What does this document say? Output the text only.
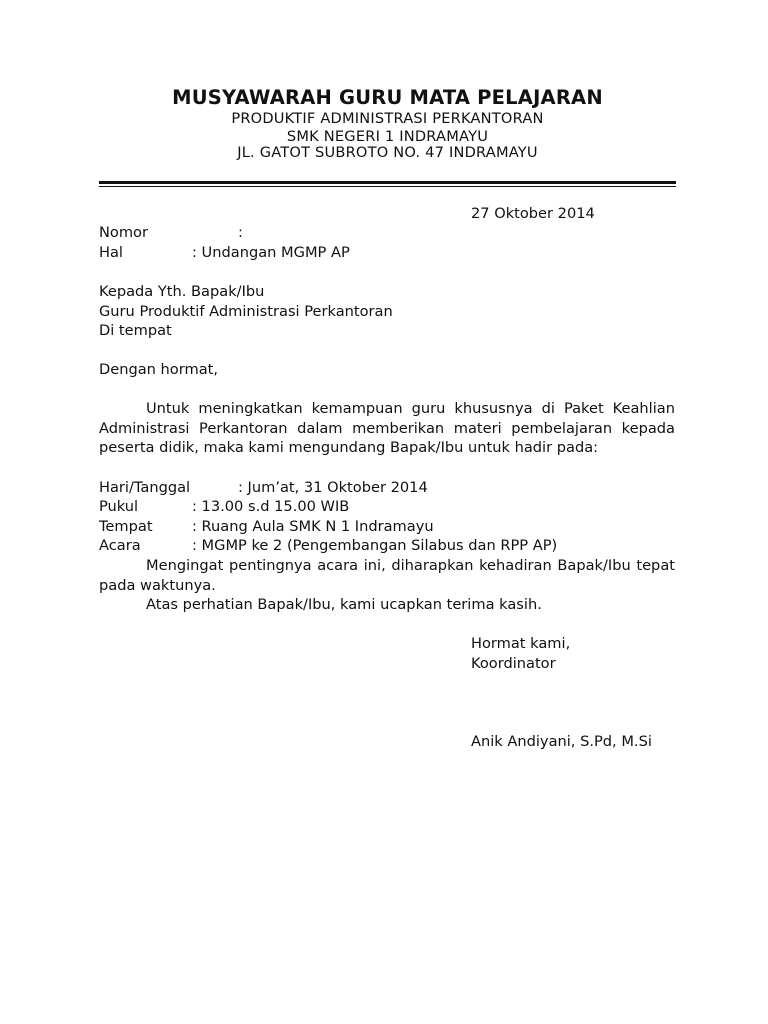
MUSYAWARAH GURU MATA PELAJARAN
PRODUKTIF ADMINISTRASI PERKANTORAN
SMK NEGERI 1 INDRAMAYU
JL. GATOT SUBROTO NO. 47 INDRAMAYU
27 Oktober 2014
Nomor	:
Hal	: Undangan MGMP AP
Kepada Yth. Bapak/Ibu
Guru Produktif Administrasi Perkantoran
Di tempat
Dengan hormat,
Untuk meningkatkan kemampuan guru khususnya di Paket Keahlian Administrasi Perkantoran dalam memberikan materi pembelajaran kepada peserta didik, maka kami mengundang Bapak/Ibu untuk hadir pada:
Hari/Tanggal	: Jum’at, 31 Oktober 2014
Pukul	: 13.00 s.d 15.00 WIB
Tempat	: Ruang Aula SMK N 1 Indramayu
Acara	: MGMP ke 2 (Pengembangan Silabus dan RPP AP)
Mengingat pentingnya acara ini, diharapkan kehadiran Bapak/Ibu tepat pada waktunya.
Atas perhatian Bapak/Ibu, kami ucapkan terima kasih.
Hormat kami,
Koordinator
Anik Andiyani, S.Pd, M.Si
